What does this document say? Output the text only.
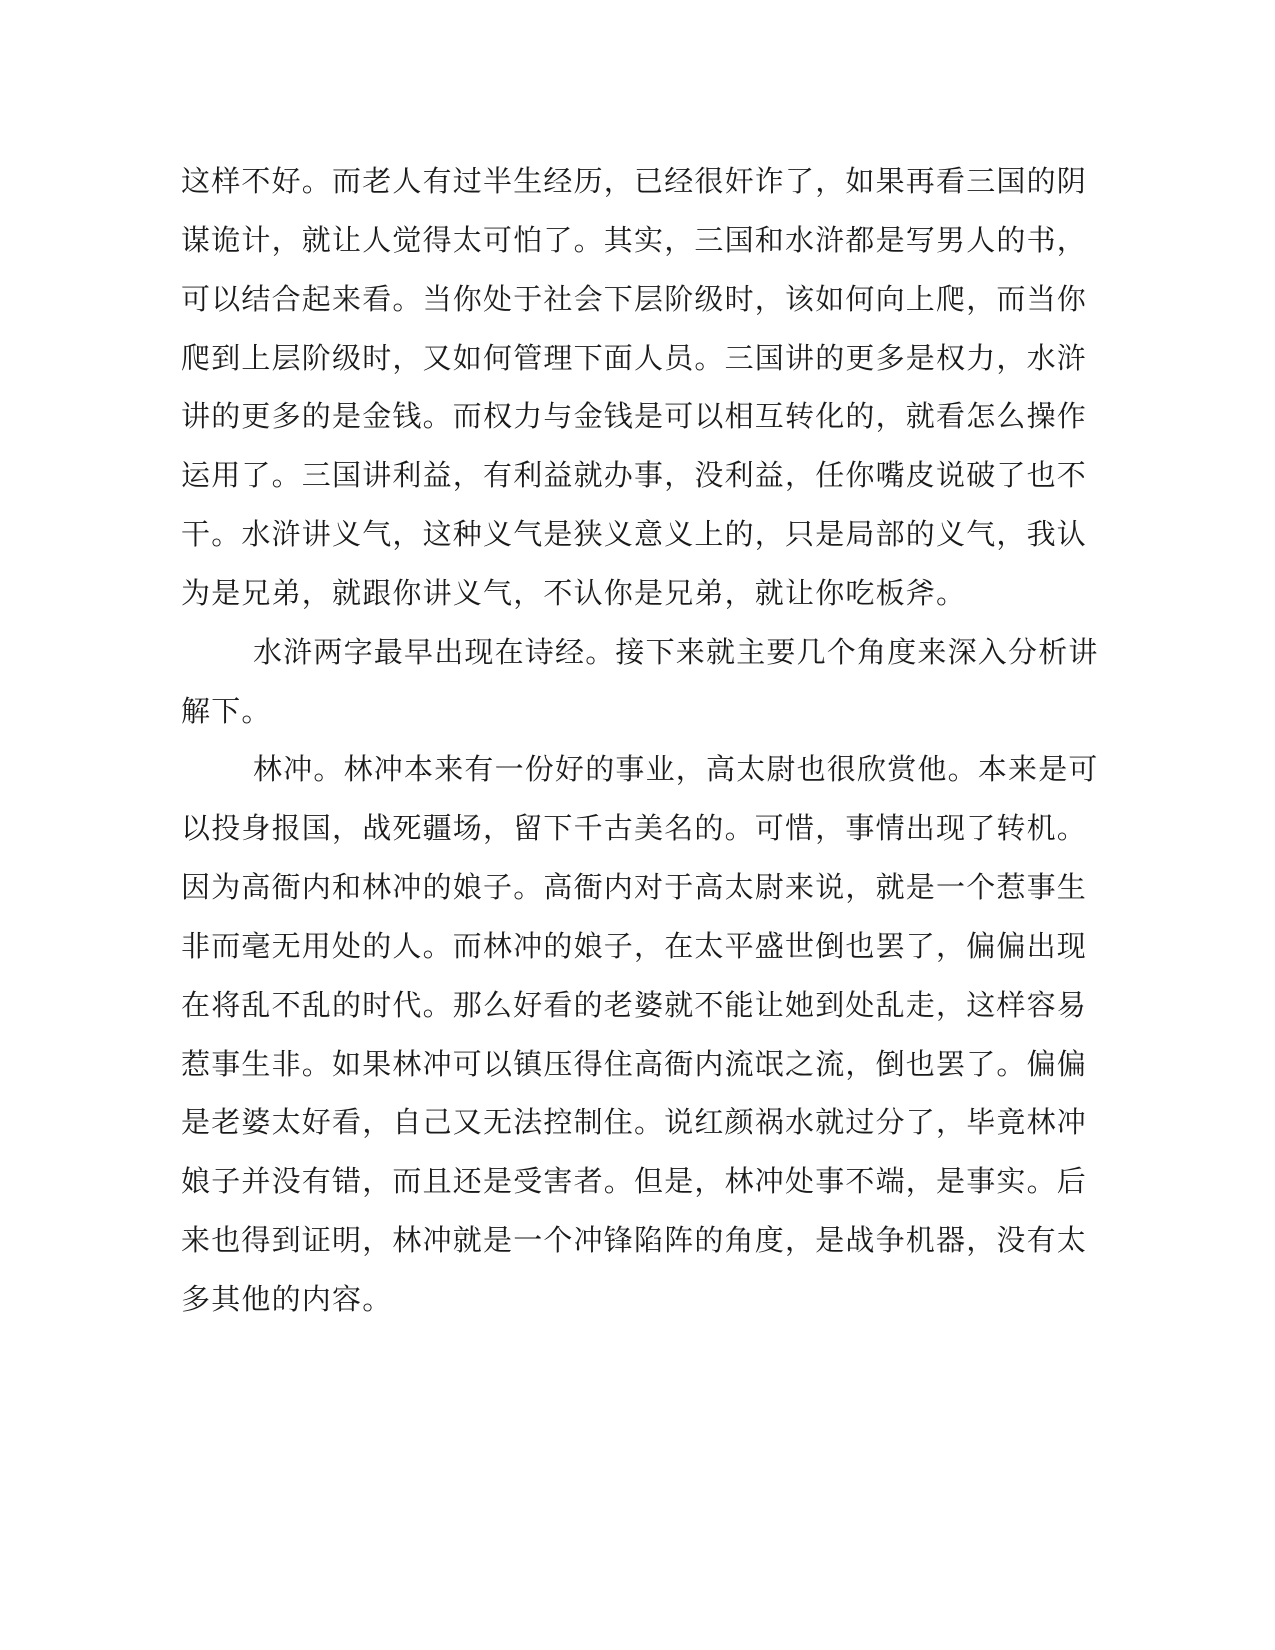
这样不好。而老人有过半生经历，已经很奸诈了，如果再看三国的阴
谋诡计，就让人觉得太可怕了。其实，三国和水浒都是写男人的书，
可以结合起来看。当你处于社会下层阶级时，该如何向上爬，而当你
爬到上层阶级时，又如何管理下面人员。三国讲的更多是权力，水浒
讲的更多的是金钱。而权力与金钱是可以相互转化的，就看怎么操作
运用了。三国讲利益，有利益就办事，没利益，任你嘴皮说破了也不
干。水浒讲义气，这种义气是狭义意义上的，只是局部的义气，我认
为是兄弟，就跟你讲义气，不认你是兄弟，就让你吃板斧。
水浒两字最早出现在诗经。接下来就主要几个角度来深入分析讲
解下。
林冲。林冲本来有一份好的事业，高太尉也很欣赏他。本来是可
以投身报国，战死疆场，留下千古美名的。可惜，事情出现了转机。
因为高衙内和林冲的娘子。高衙内对于高太尉来说，就是一个惹事生
非而毫无用处的人。而林冲的娘子，在太平盛世倒也罢了，偏偏出现
在将乱不乱的时代。那么好看的老婆就不能让她到处乱走，这样容易
惹事生非。如果林冲可以镇压得住高衙内流氓之流，倒也罢了。偏偏
是老婆太好看，自己又无法控制住。说红颜祸水就过分了，毕竟林冲
娘子并没有错，而且还是受害者。但是，林冲处事不端，是事实。后
来也得到证明，林冲就是一个冲锋陷阵的角度，是战争机器，没有太
多其他的内容。
